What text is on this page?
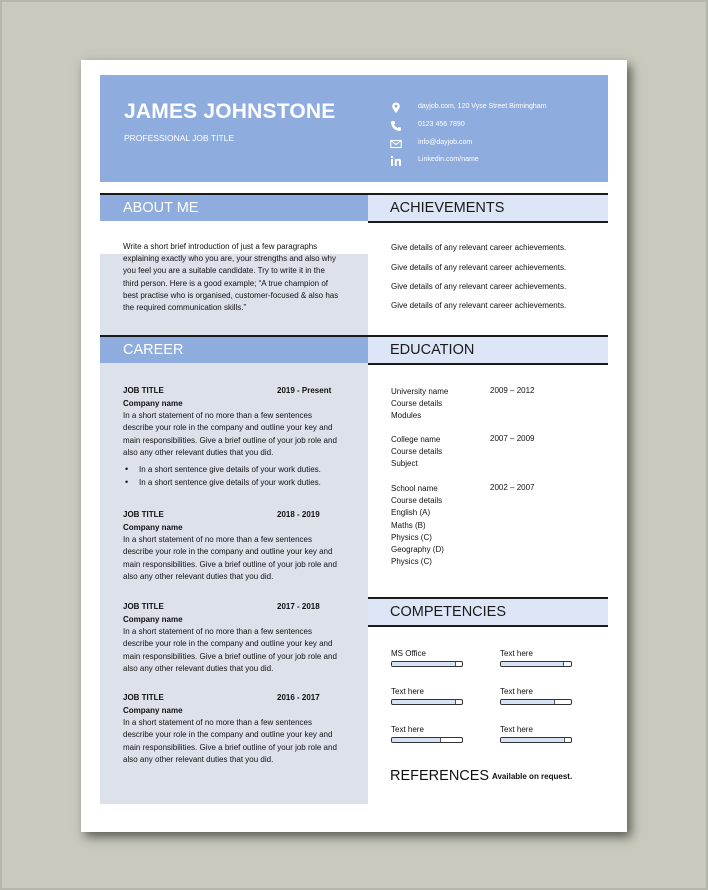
JAMES JOHNSTONE
PROFESSIONAL JOB TITLE
dayjob.com, 120 Vyse Street Birmingham
0123 456 7890
info@dayjob.com
Linkedin.com/name
ABOUT ME	ACHIEVEMENTS
Write a short brief introduction of just a few paragraphs
explaining exactly who you are, your strengths and also why
you feel you are a suitable candidate. Try to write it in the
third person. Here is a good example; “A true champion of
best practise who is organised, customer-focused & also has
the required communication skills.”
Give details of any relevant career achievements.
Give details of any relevant career achievements.
Give details of any relevant career achievements.
Give details of any relevant career achievements.
CAREER	EDUCATION
JOB TITLE	2019 - Present
Company name
In a short statement of no more than a few sentences
describe your role in the company and outline your key and
main responsibilities. Give a brief outline of your job role and
also any other relevant duties that you did.
• In a short sentence give details of your work duties.
• In a short sentence give details of your work duties.
JOB TITLE	2018 - 2019
Company name
In a short statement of no more than a few sentences
describe your role in the company and outline your key and
main responsibilities. Give a brief outline of your job role and
also any other relevant duties that you did.
JOB TITLE	2017 - 2018
Company name
In a short statement of no more than a few sentences
describe your role in the company and outline your key and
main responsibilities. Give a brief outline of your job role and
also any other relevant duties that you did.
JOB TITLE	2016 - 2017
Company name
In a short statement of no more than a few sentences
describe your role in the company and outline your key and
main responsibilities. Give a brief outline of your job role and
also any other relevant duties that you did.
University name
Course details
Modules
2009 – 2012
College name
Course details
Subject
2007 – 2009
School name
Course details
English (A)
Maths (B)
Physics (C)
Geography (D)
Physics (C)
2002 – 2007
COMPETENCIES
MS Office	Text here
Text here	Text here
Text here	Text here
REFERENCES Available on request.
